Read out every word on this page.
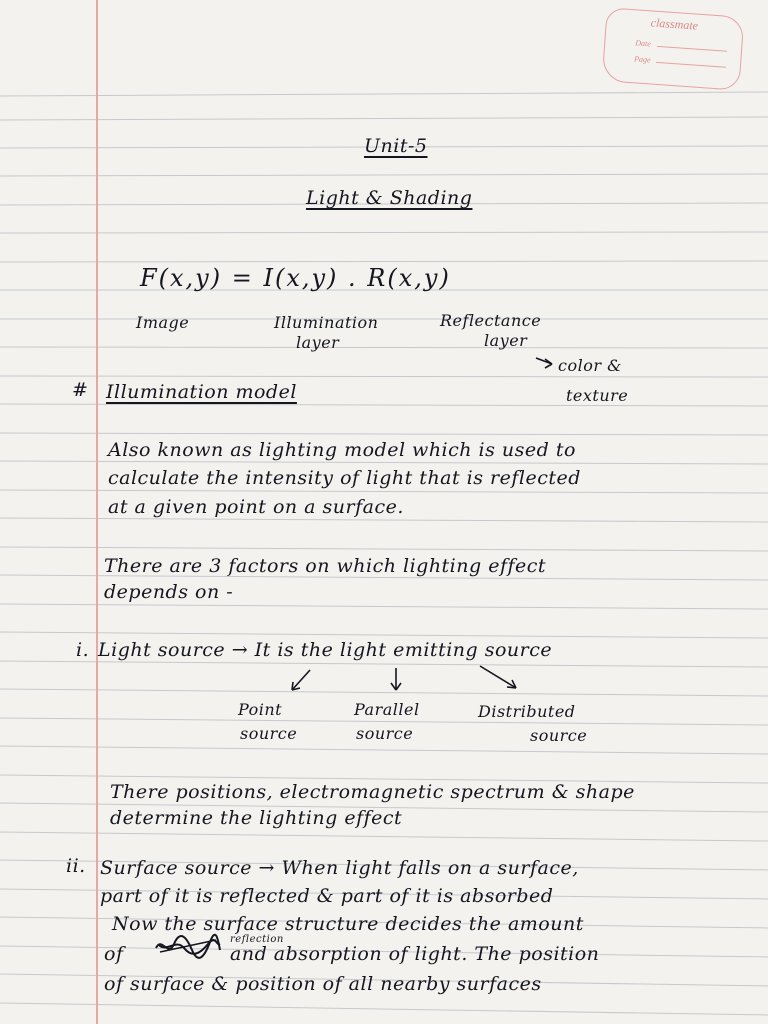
classmate
Date
Page
Unit-5
Light & Shading
F(x,y) = I(x,y) . R(x,y)
Image	Illumination
layer
Reflectance
layer
color &
texture
# Illumination model
Also known as lighting model which is used to
calculate the intensity of light that is reflected
at a given point on a surface.
There are 3 factors on which lighting effect
depends on -
i. Light source → It is the light emitting source
Point
source
Parallel
source
Distributed
source
There positions, electromagnetic spectrum & shape
determine the lighting effect
ii. Surface source → When light falls on a surface,
part of it is reflected & part of it is absorbed
Now the surface structure decides the amount
reflection
of	and absorption of light. The position
of surface & position of all nearby surfaces
